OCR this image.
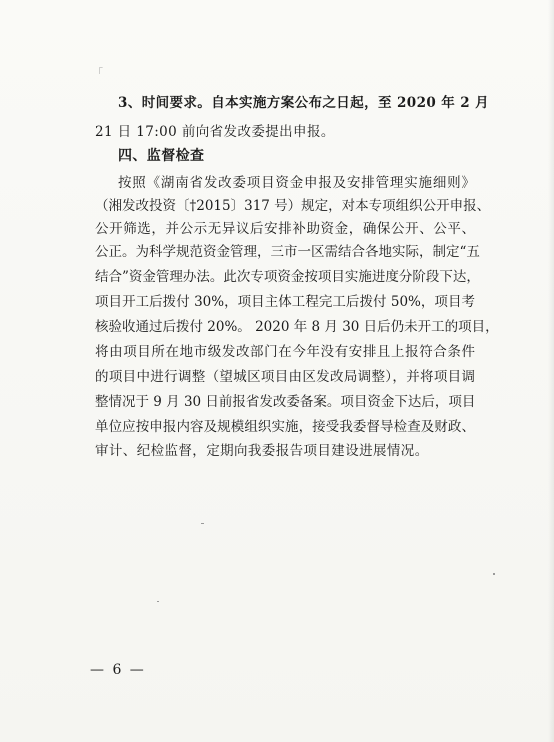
「
3、时间要求。自本实施方案公布之日起，至 2020 年 2 月
21 日 17:00 前向省发改委提出申报。
四、监督检查
按照《湖南省发改委项目资金申报及安排管理实施细则》
（湘发改投资〔†2015〕317 号）规定，对本专项组织公开申报、
公开筛选，并公示无异议后安排补助资金，确保公开、公平、
公正。为科学规范资金管理，三市一区需结合各地实际，制定“五
结合”资金管理办法。此次专项资金按项目实施进度分阶段下达，
项目开工后拨付 30%，项目主体工程完工后拨付 50%，项目考
核验收通过后拨付 20%。 2020 年 8 月 30 日后仍未开工的项目，
将由项目所在地市级发改部门在今年没有安排且上报符合条件
的项目中进行调整（望城区项目由区发改局调整），并将项目调
整情况于 9 月 30 日前报省发改委备案。项目资金下达后，项目
单位应按申报内容及规模组织实施，接受我委督导检查及财政、
审计、纪检监督，定期向我委报告项目建设进展情况。
— 6 —
